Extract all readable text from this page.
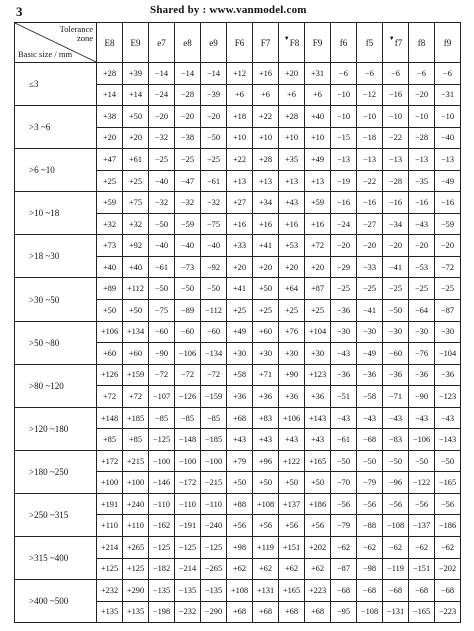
3	Shared by : www.vanmodel.com
Tolerance
zone
Basic size / mm	E8	E9	e7	e8	e9	F6	F7	▼F8	F9	f6	f5	▼f7	f8	f9
≤3	+28	+39	−14	−14	−14	+12	+16	+20	+31	−6	−6	−6	−6	−6
	+14	+14	−24	−28	−39	+6	+6	+6	+6	−10	−12	−16	−20	−31
>3 ~6	+38	+50	−20	−20	−20	+18	+22	+28	+40	−10	−10	−10	−10	−10
	+20	+20	−32	−38	−50	+10	+10	+10	+10	−15	−18	−22	−28	−40
>6 ~10	+47	+61	−25	−25	−25	+22	+28	+35	+49	−13	−13	−13	−13	−13
	+25	+25	−40	−47	−61	+13	+13	+13	+13	−19	−22	−28	−35	−49
>10 ~18	+59	+75	−32	−32	−32	+27	+34	+43	+59	−16	−16	−16	−16	−16
	+32	+32	−50	−59	−75	+16	+16	+16	+16	−24	−27	−34	−43	−59
>18 ~30	+73	+92	−40	−40	−40	+33	+41	+53	+72	−20	−20	−20	−20	−20
	+40	+40	−61	−73	−92	+20	+20	+20	+20	−29	−33	−41	−53	−72
>30 ~50	+89	+112	−50	−50	−50	+41	+50	+64	+87	−25	−25	−25	−25	−25
	+50	+50	−75	−89	−112	+25	+25	+25	+25	−36	−41	−50	−64	−87
>50 ~80	+106	+134	−60	−60	−60	+49	+60	+76	+104	−30	−30	−30	−30	−30
	+60	+60	−90	−106	−134	+30	+30	+30	+30	−43	−49	−60	−76	−104
>80 ~120	+126	+159	−72	−72	−72	+58	+71	+90	+123	−36	−36	−36	−36	−36
	+72	+72	−107	−126	−159	+36	+36	+36	+36	−51	−58	−71	−90	−123
>120 ~180	+148	+185	−85	−85	−85	+68	+83	+106	+143	−43	−43	−43	−43	−43
	+85	+85	−125	−148	−185	+43	+43	+43	+43	−61	−68	−83	−106	−143
>180 ~250	+172	+215	−100	−100	−100	+79	+96	+122	+165	−50	−50	−50	−50	−50
	+100	+100	−146	−172	−215	+50	+50	+50	+50	−70	−79	−96	−122	−165
>250 ~315	+191	+240	−110	−110	−110	+88	+108	+137	+186	−56	−56	−56	−56	−56
	+110	+110	−162	−191	−240	+56	+56	+56	+56	−79	−88	−108	−137	−186
>315 ~400	+214	+265	−125	−125	−125	+98	+119	+151	+202	−62	−62	−62	−62	−62
	+125	+125	−182	−214	−265	+62	+62	+62	+62	−87	−98	−119	−151	−202
>400 ~500	+232	+290	−135	−135	−135	+108	+131	+165	+223	−68	−68	−68	−68	−68
	+135	+135	−198	−232	−290	+68	+68	+68	+68	−95	−108	−131	−165	−223
